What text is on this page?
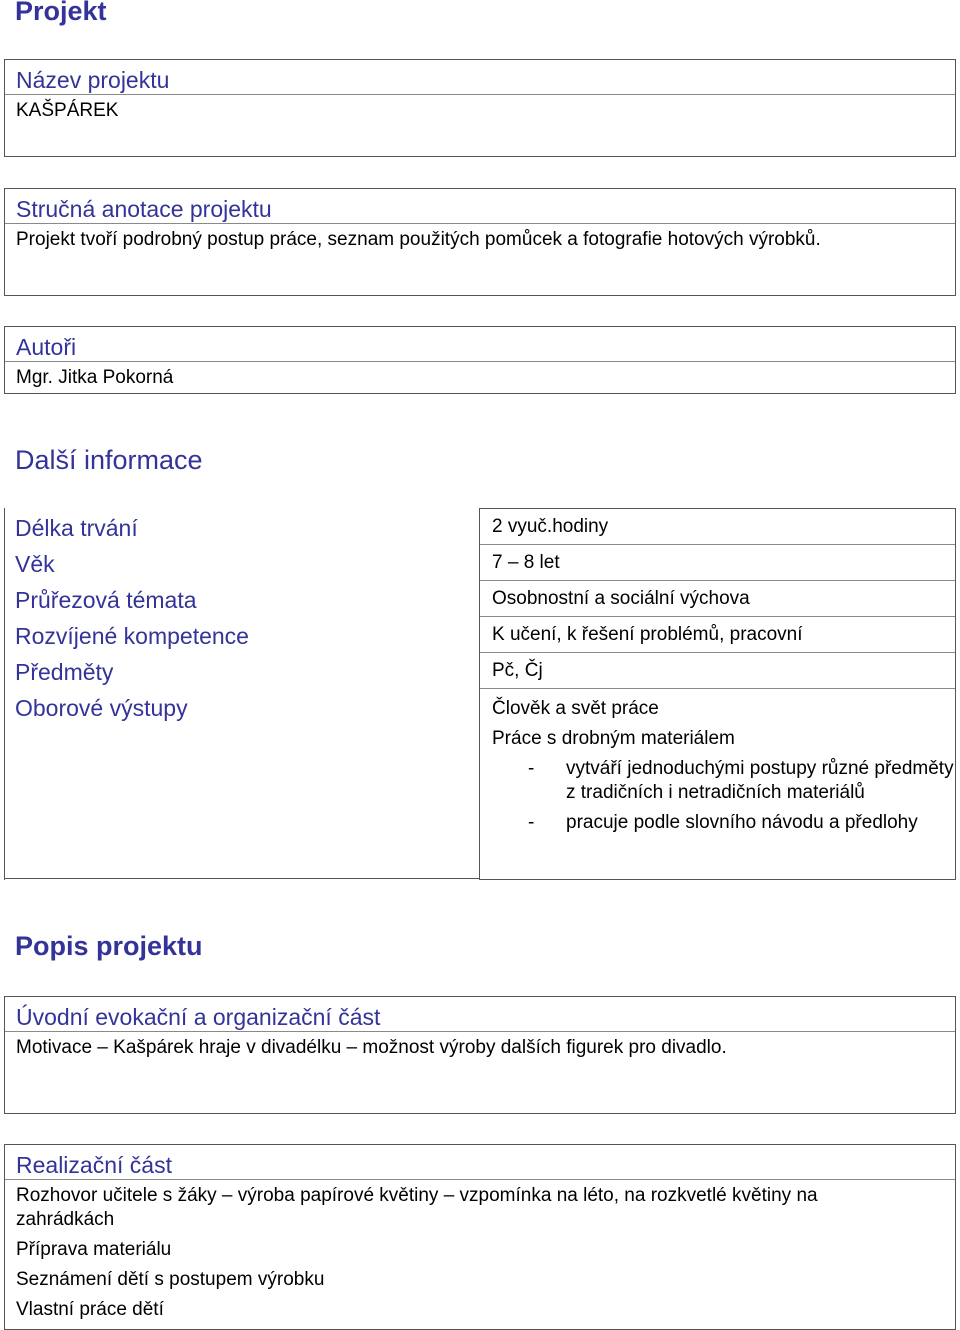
Projekt
Název projektu
KAŠPÁREK
Stručná anotace projektu
Projekt tvoří podrobný postup práce, seznam použitých pomůcek a fotografie hotových výrobků.
Autoři
Mgr. Jitka Pokorná
Další informace
Délka trvání
Věk
Průřezová témata
Rozvíjené kompetence
Předměty
Oborové výstupy
2 vyuč.hodiny
7 – 8 let
Osobnostní a sociální výchova
K učení, k řešení problémů, pracovní
Pč, Čj
Člověk a svět práce
Práce s drobným materiálem
- vytváří jednoduchými postupy různé předměty z tradičních i netradičních materiálů
- pracuje podle slovního návodu a předlohy
Popis projektu
Úvodní evokační a organizační část
Motivace – Kašpárek hraje v divadélku – možnost výroby dalších figurek pro divadlo.
Realizační část
Rozhovor učitele s žáky – výroba papírové květiny – vzpomínka na léto, na rozkvetlé květiny na zahrádkách
Příprava materiálu
Seznámení dětí s postupem výrobku
Vlastní práce dětí
